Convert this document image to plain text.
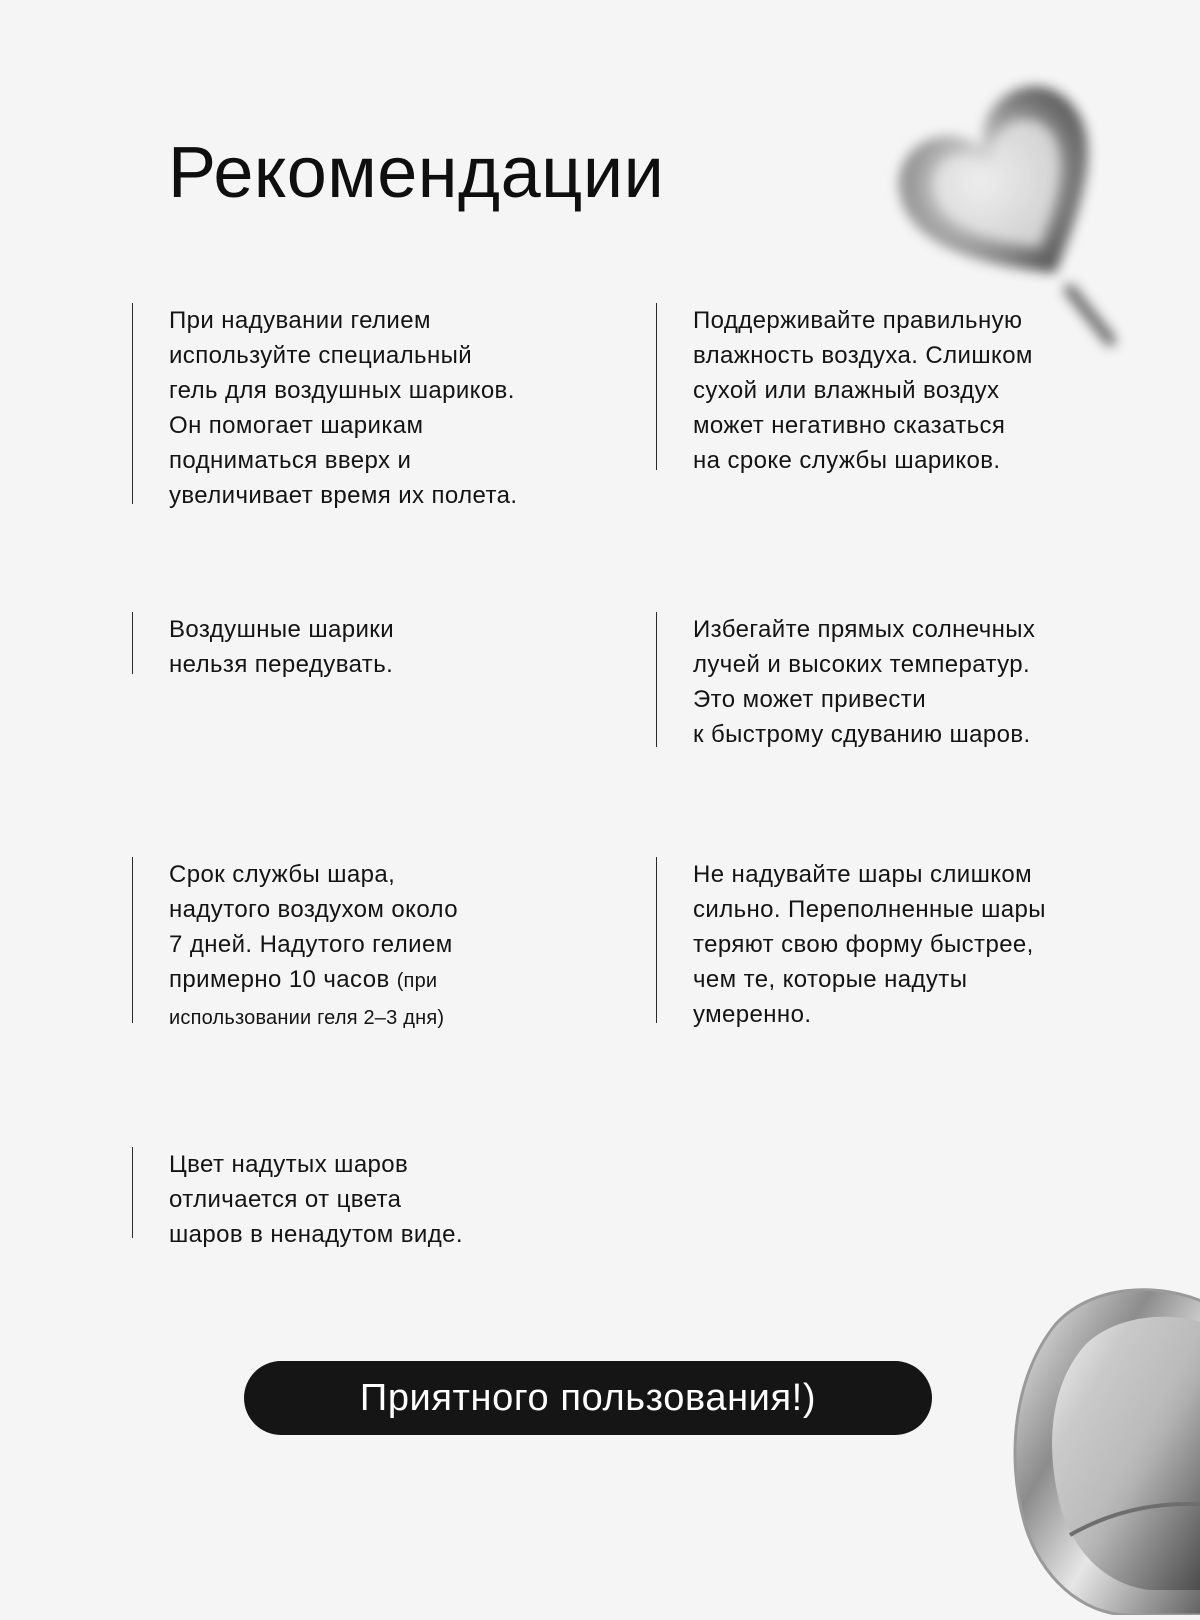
Рекомендации

При надувании гелием
используйте специальный
гель для воздушных шариков.
Он помогает шарикам
подниматься вверх и
увеличивает время их полета.

Поддерживайте правильную
влажность воздуха. Слишком
сухой или влажный воздух
может негативно сказаться
на сроке службы шариков.

Воздушные шарики
нельзя передувать.

Избегайте прямых солнечных
лучей и высоких температур.
Это может привести
к быстрому сдуванию шаров.

Срок службы шара,
надутого воздухом около
7 дней. Надутого гелием
примерно 10 часов (при
использовании геля 2–3 дня)

Не надувайте шары слишком
сильно. Переполненные шары
теряют свою форму быстрее,
чем те, которые надуты
умеренно.

Цвет надутых шаров
отличается от цвета
шаров в ненадутом виде.

Приятного пользования!)
